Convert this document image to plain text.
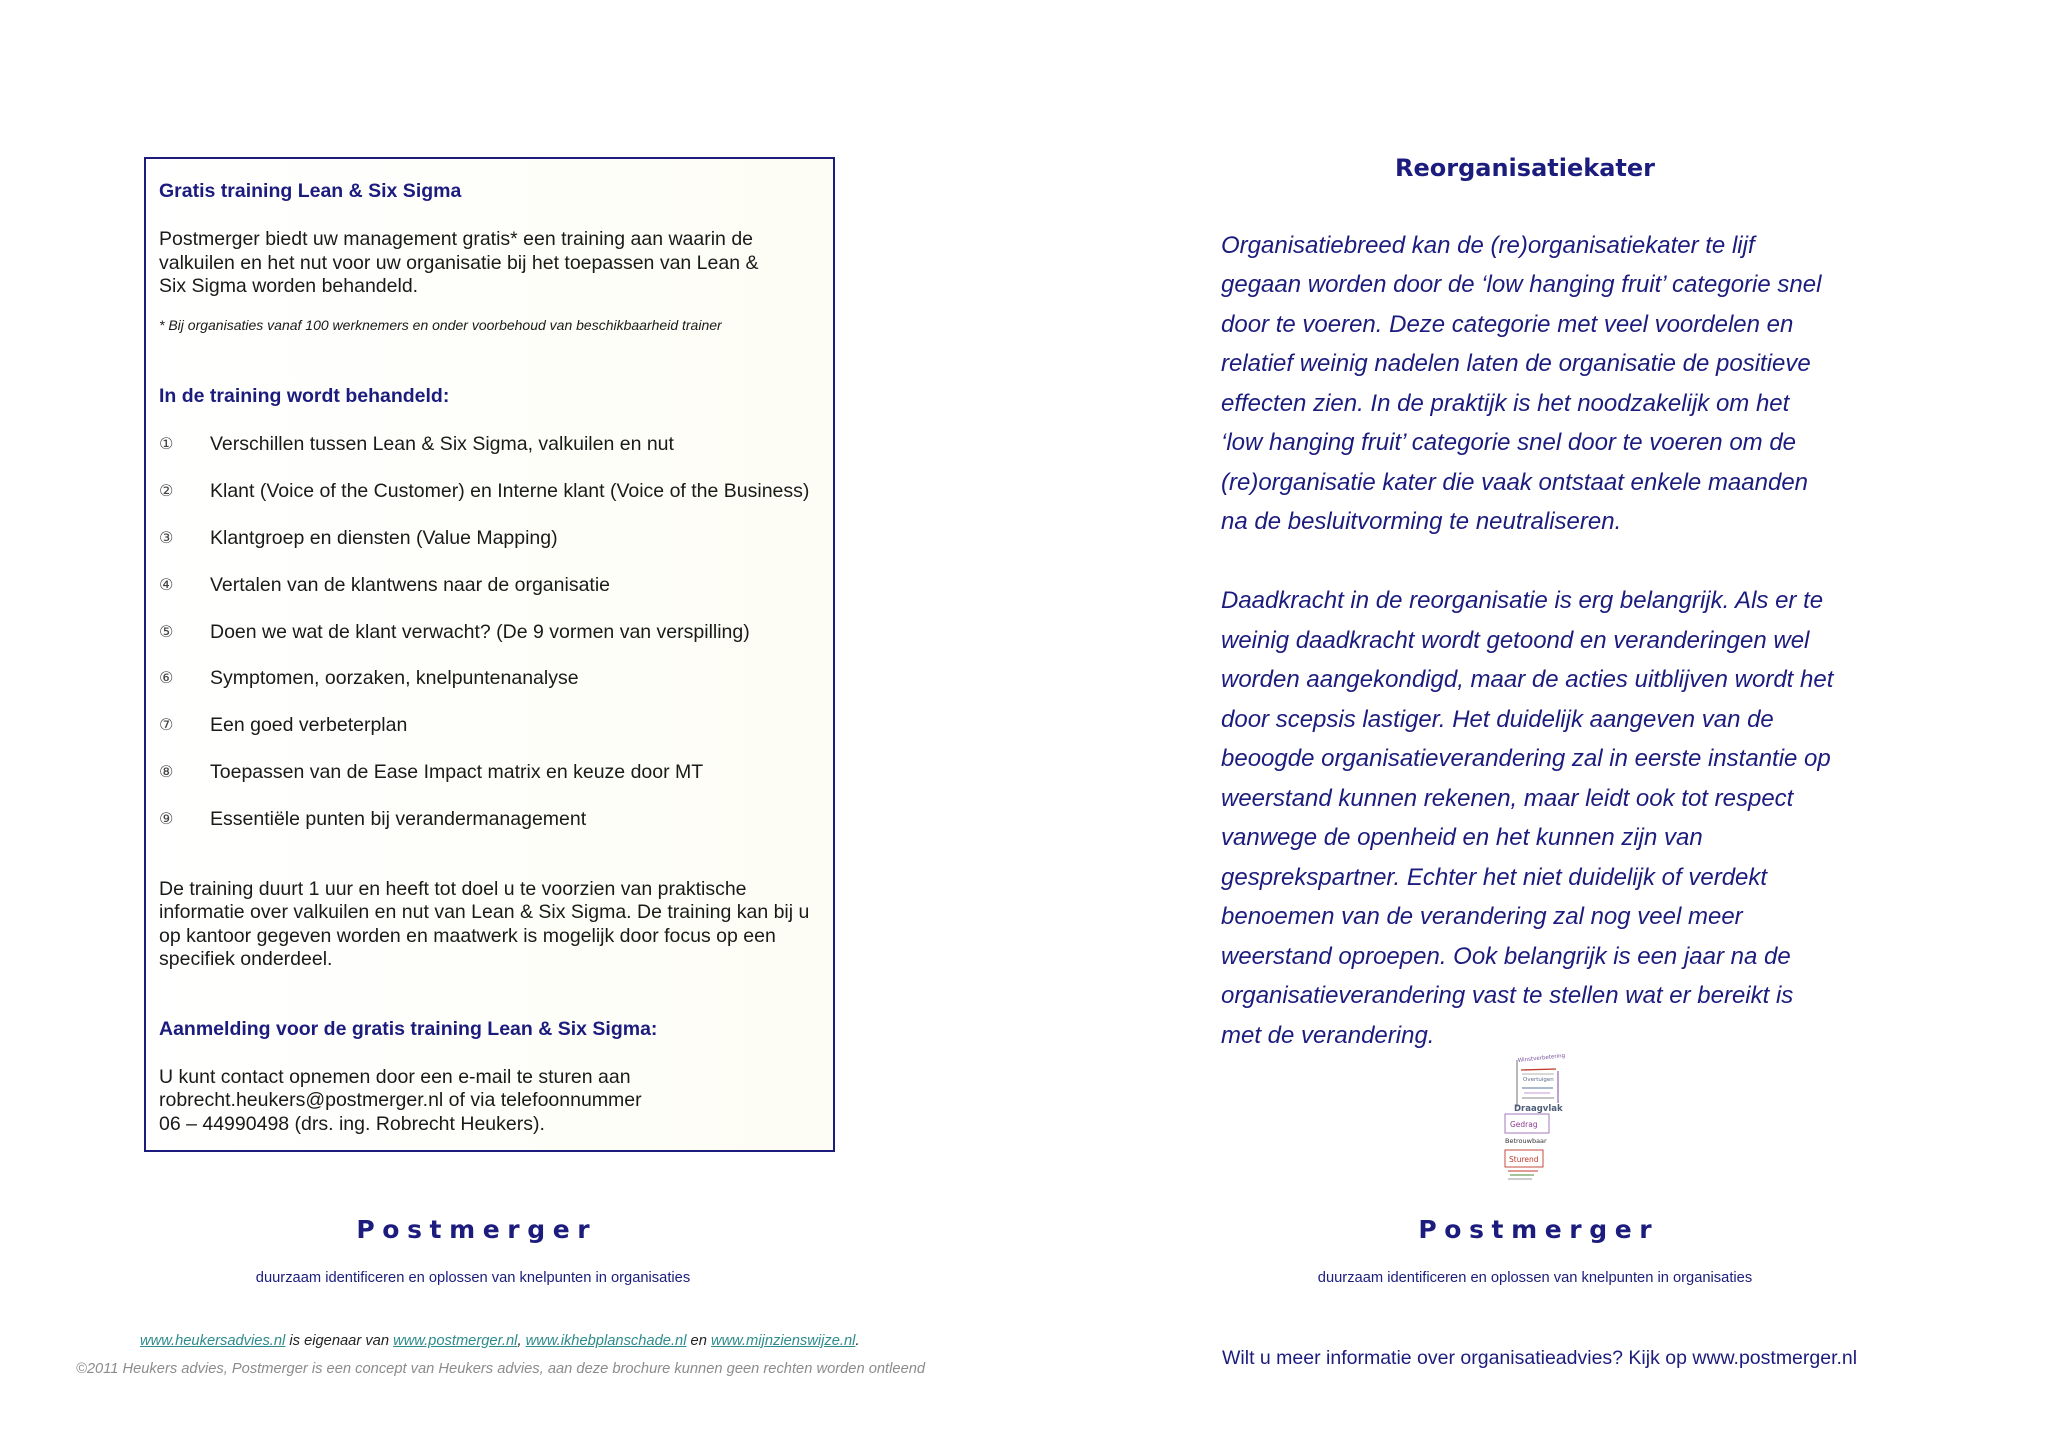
Gratis training Lean & Six Sigma
Postmerger biedt uw management gratis* een training aan waarin de
valkuilen en het nut voor uw organisatie bij het toepassen van Lean &
Six Sigma worden behandeld.
* Bij organisaties vanaf 100 werknemers en onder voorbehoud van beschikbaarheid trainer
In de training wordt behandeld:
① Verschillen tussen Lean & Six Sigma, valkuilen en nut
② Klant (Voice of the Customer) en Interne klant (Voice of the Business)
③ Klantgroep en diensten (Value Mapping)
④ Vertalen van de klantwens naar de organisatie
⑤ Doen we wat de klant verwacht? (De 9 vormen van verspilling)
⑥ Symptomen, oorzaken, knelpuntenanalyse
⑦ Een goed verbeterplan
⑧ Toepassen van de Ease Impact matrix en keuze door MT
⑨ Essentiële punten bij verandermanagement
De training duurt 1 uur en heeft tot doel u te voorzien van praktische
informatie over valkuilen en nut van Lean & Six Sigma. De training kan bij u
op kantoor gegeven worden en maatwerk is mogelijk door focus op een
specifiek onderdeel.
Aanmelding voor de gratis training Lean & Six Sigma:
U kunt contact opnemen door een e-mail te sturen aan
robrecht.heukers@postmerger.nl of via telefoonnummer
06 – 44990498 (drs. ing. Robrecht Heukers).
Postmerger
duurzaam identificeren en oplossen van knelpunten in organisaties
www.heukersadvies.nl is eigenaar van www.postmerger.nl, www.ikhebplanschade.nl en www.mijnzienswijze.nl.
©2011 Heukers advies, Postmerger is een concept van Heukers advies, aan deze brochure kunnen geen rechten worden ontleend
Reorganisatiekater
Organisatiebreed kan de (re)organisatiekater te lijf
gegaan worden door de ‘low hanging fruit’ categorie snel
door te voeren. Deze categorie met veel voordelen en
relatief weinig nadelen laten de organisatie de positieve
effecten zien. In de praktijk is het noodzakelijk om het
‘low hanging fruit’ categorie snel door te voeren om de
(re)organisatie kater die vaak ontstaat enkele maanden
na de besluitvorming te neutraliseren.
Daadkracht in de reorganisatie is erg belangrijk. Als er te
weinig daadkracht wordt getoond en veranderingen wel
worden aangekondigd, maar de acties uitblijven wordt het
door scepsis lastiger. Het duidelijk aangeven van de
beoogde organisatieverandering zal in eerste instantie op
weerstand kunnen rekenen, maar leidt ook tot respect
vanwege de openheid en het kunnen zijn van
gesprekspartner. Echter het niet duidelijk of verdekt
benoemen van de verandering zal nog veel meer
weerstand oproepen. Ook belangrijk is een jaar na de
organisatieverandering vast te stellen wat er bereikt is
met de verandering.
Winstverbetering
Overtuigen
Draagvlak
Gedrag
Betrouwbaar
Sturend
Postmerger
duurzaam identificeren en oplossen van knelpunten in organisaties
Wilt u meer informatie over organisatieadvies? Kijk op www.postmerger.nl
